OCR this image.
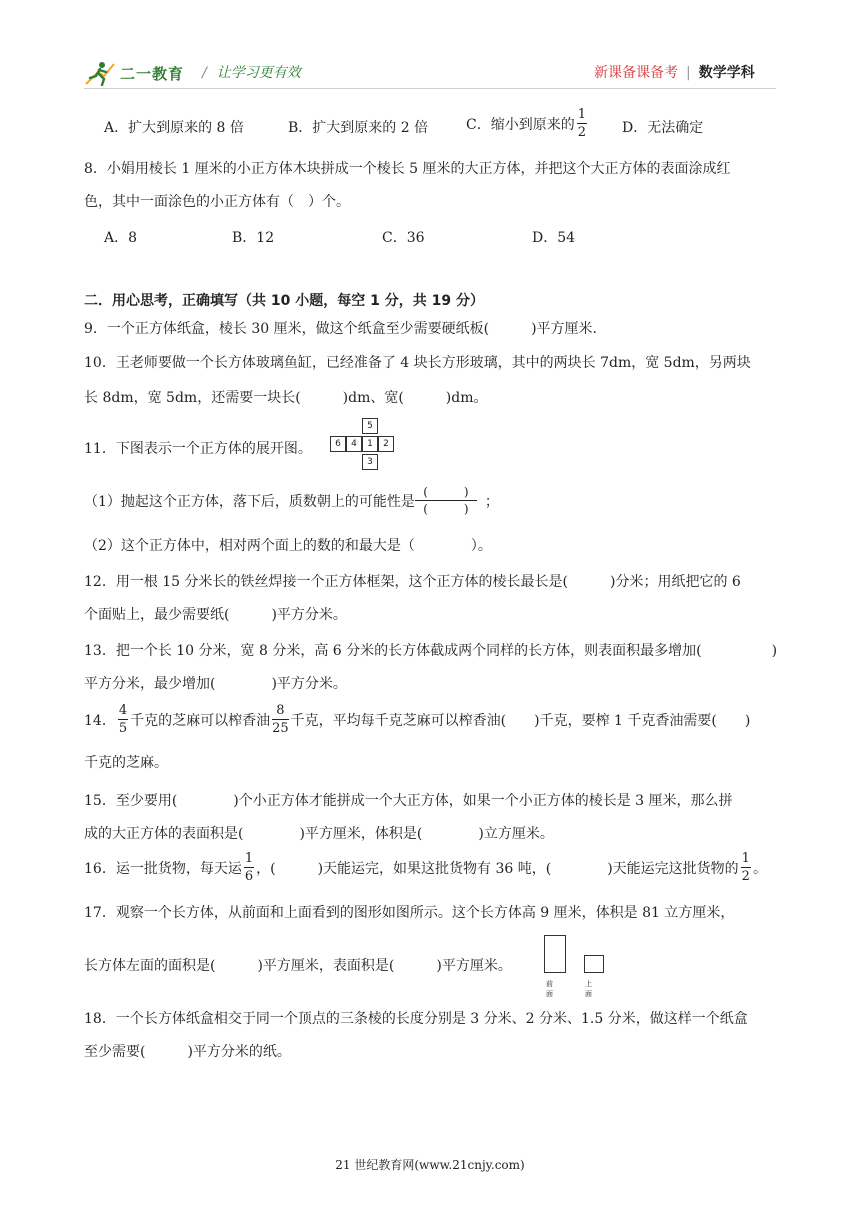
二一教育 / 让学习更有效	新课备课备考 | 数学学科
A．扩大到原来的 8 倍	B．扩大到原来的 2 倍	C．缩小到原来的 $\frac{1}{2}$	D．无法确定
8．小娟用棱长 1 厘米的小正方体木块拼成一个棱长 5 厘米的大正方体，并把这个大正方体的表面涂成红
色，其中一面涂色的小正方体有（　）个。
A．8	B．12	C．36	D．54
二．用心思考，正确填写（共 10 小题，每空 1 分，共 19 分）
9．一个正方体纸盒，棱长 30 厘米，做这个纸盒至少需要硬纸板(　　　)平方厘米.
10．王老师要做一个长方体玻璃鱼缸，已经准备了 4 块长方形玻璃，其中的两块长 7dm，宽 5dm，另两块
长 8dm，宽 5dm，还需要一块长(　　　)dm、宽(　　　)dm。
11．下图表示一个正方体的展开图。
5
6	4	1	2
3
（1）抛起这个正方体，落下后，质数朝上的可能性是
(　　　)
(　　　)	；
（2）这个正方体中，相对两个面上的数的和最大是（　　　　）。
12．用一根 15 分米长的铁丝焊接一个正方体框架，这个正方体的棱长最长是(　　　)分米；用纸把它的 6
个面贴上，最少需要纸(　　　)平方分米。
13．把一个长 10 分米，宽 8 分米，高 6 分米的长方体截成两个同样的长方体，则表面积最多增加(　　　　　)
平方分米，最少增加(　　　　)平方分米。
14． $\frac{4}{5}$ 千克的芝麻可以榨香油 $\frac{8}{25}$ 千克，平均每千克芝麻可以榨香油(　　)千克，要榨 1 千克香油需要(　　)
千克的芝麻。
15．至少要用(　　　　)个小正方体才能拼成一个大正方体，如果一个小正方体的棱长是 3 厘米，那么拼
成的大正方体的表面积是(　　　　)平方厘米，体积是(　　　　)立方厘米。
16．运一批货物，每天运 $\frac{1}{6}$ ，(　　　)天能运完，如果这批货物有 36 吨，(　　　　)天能运完这批货物的 $\frac{1}{2}$ 。
17．观察一个长方体，从前面和上面看到的图形如图所示。这个长方体高 9 厘米，体积是 81 立方厘米，
长方体左面的面积是(　　　)平方厘米，表面积是(　　　)平方厘米。
前面
上面
18．一个长方体纸盒相交于同一个顶点的三条棱的长度分别是 3 分米、2 分米、1.5 分米，做这样一个纸盒
至少需要(　　　)平方分米的纸。
21 世纪教育网(www.21cnjy.com)
